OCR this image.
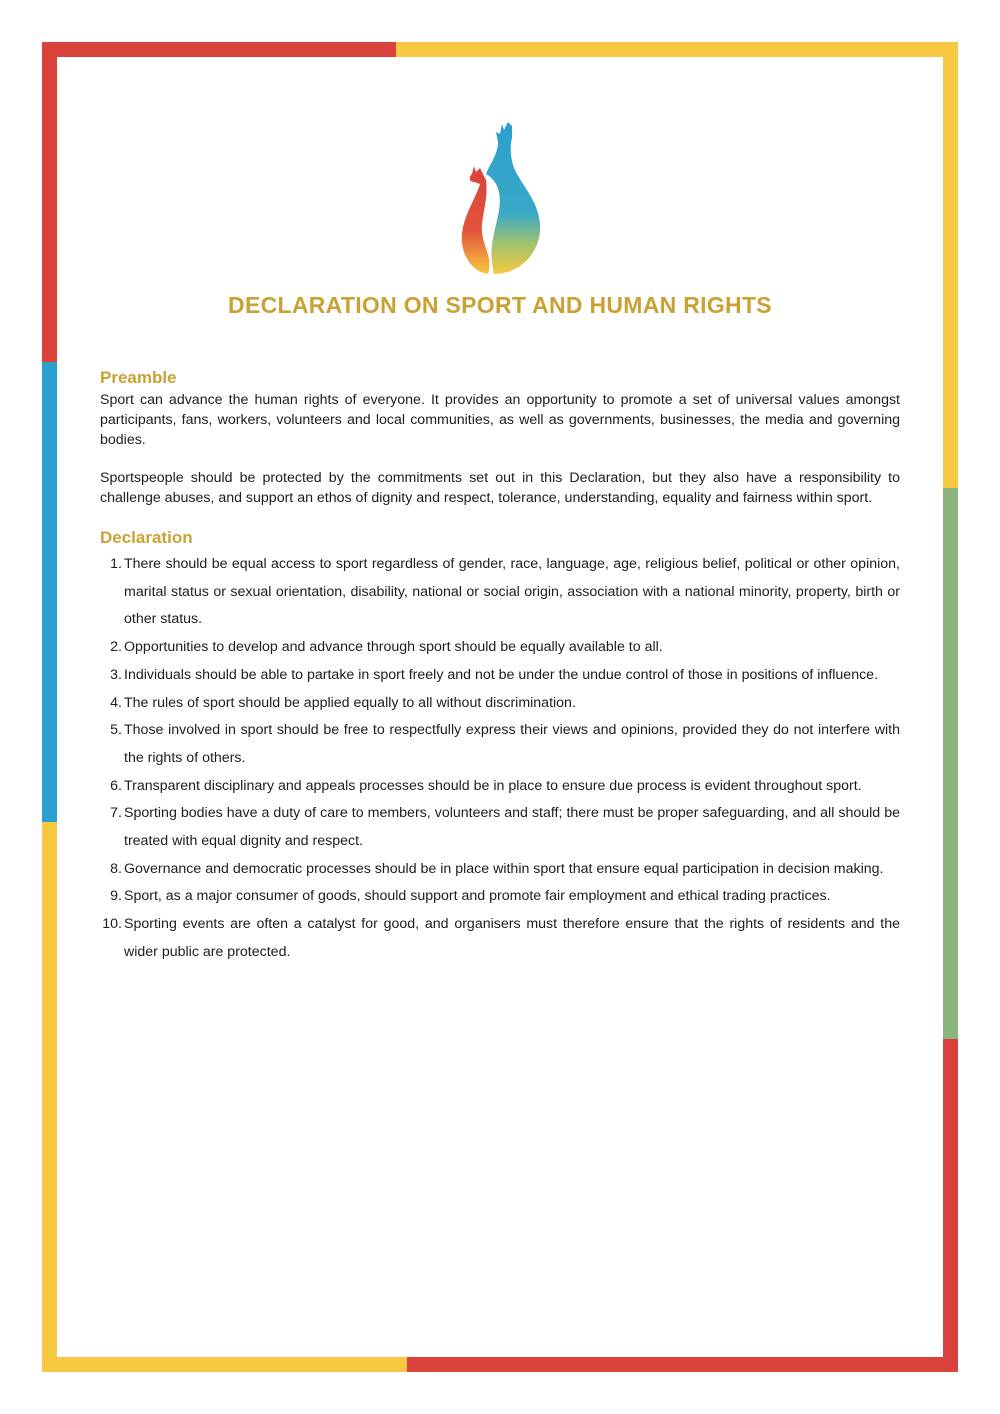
DECLARATION ON SPORT AND HUMAN RIGHTS
Preamble

Sport can advance the human rights of everyone. It provides an opportunity to promote a set of universal values amongst participants, fans, workers, volunteers and local communities, as well as governments, businesses, the media and governing bodies.

Sportspeople should be protected by the commitments set out in this Declaration, but they also have a responsibility to challenge abuses, and support an ethos of dignity and respect, tolerance, understanding, equality and fairness within sport.

Declaration
1. There should be equal access to sport regardless of gender, race, language, age, religious belief, political or other opinion, marital status or sexual orientation, disability, national or social origin, association with a national minority, property, birth or other status.
2. Opportunities to develop and advance through sport should be equally available to all.
3. Individuals should be able to partake in sport freely and not be under the undue control of those in positions of influence.
4. The rules of sport should be applied equally to all without discrimination.
5. Those involved in sport should be free to respectfully express their views and opinions, provided they do not interfere with the rights of others.
6. Transparent disciplinary and appeals processes should be in place to ensure due process is evident throughout sport.
7. Sporting bodies have a duty of care to members, volunteers and staff; there must be proper safeguarding, and all should be treated with equal dignity and respect.
8. Governance and democratic processes should be in place within sport that ensure equal participation in decision making.
9. Sport, as a major consumer of goods, should support and promote fair employment and ethical trading practices.
10. Sporting events are often a catalyst for good, and organisers must therefore ensure that the rights of residents and the wider public are protected.
